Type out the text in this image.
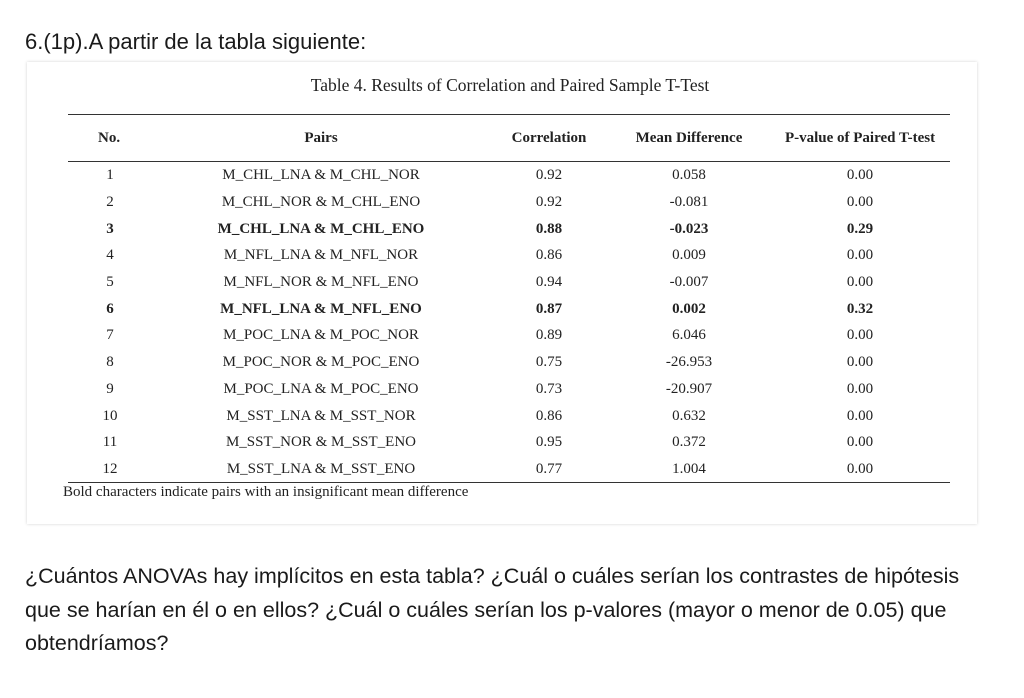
6.(1p).A partir de la tabla siguiente:
Table 4. Results of Correlation and Paired Sample T-Test
No.	Pairs	Correlation	Mean Difference	P-value of Paired T-test
1	M_CHL_LNA & M_CHL_NOR	0.92	0.058	0.00
2	M_CHL_NOR & M_CHL_ENO	0.92	-0.081	0.00
3	M_CHL_LNA & M_CHL_ENO	0.88	-0.023	0.29
4	M_NFL_LNA & M_NFL_NOR	0.86	0.009	0.00
5	M_NFL_NOR & M_NFL_ENO	0.94	-0.007	0.00
6	M_NFL_LNA & M_NFL_ENO	0.87	0.002	0.32
7	M_POC_LNA & M_POC_NOR	0.89	6.046	0.00
8	M_POC_NOR & M_POC_ENO	0.75	-26.953	0.00
9	M_POC_LNA & M_POC_ENO	0.73	-20.907	0.00
10	M_SST_LNA & M_SST_NOR	0.86	0.632	0.00
11	M_SST_NOR & M_SST_ENO	0.95	0.372	0.00
12	M_SST_LNA & M_SST_ENO	0.77	1.004	0.00
Bold characters indicate pairs with an insignificant mean difference
¿Cuántos ANOVAs hay implícitos en esta tabla? ¿Cuál o cuáles serían los contrastes de hipótesis que se harían en él o en ellos? ¿Cuál o cuáles serían los p-valores (mayor o menor de 0.05) que obtendríamos?
